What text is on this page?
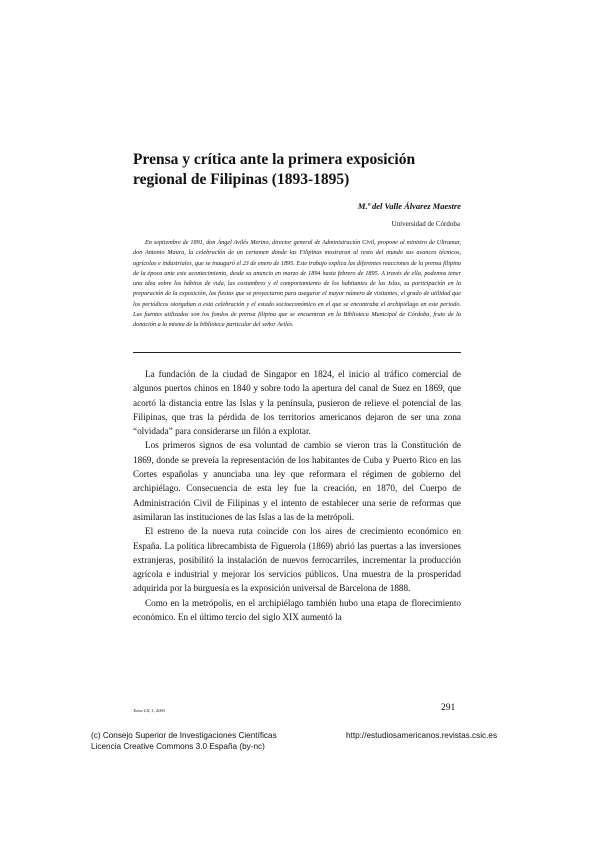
Prensa y crítica ante la primera exposición
regional de Filipinas (1893-1895)
M.ª del Valle Álvarez Maestre
Universidad de Córdoba

En septiembre de 1891, don Ángel Avilés Merino, director general de Administración Civil, propone al ministro de Ultramar, don Antonio Maura, la celebración de un certamen donde las Filipinas mostraran al resto del mundo sus avances técnicos, agrícolas e industriales, que se inauguró el 23 de enero de 1895. Este trabajo explica las diferentes reacciones de la prensa filipina de la época ante este acontecimiento, desde su anuncio en marzo de 1894 hasta febrero de 1895. A través de ella, podemos tener una idea sobre los hábitos de vida, las costumbres y el comportamiento de los habitantes de las Islas, su participación en la preparación de la exposición, las fiestas que se proyectaron para asegurar el mayor número de visitantes, el grado de utilidad que los periódicos otorgaban a esta celebración y el estado socioeconómico en el que se encontraba el archipiélago en este periodo. Las fuentes utilizadas son los fondos de prensa filipina que se encuentran en la Biblioteca Municipal de Córdoba, fruto de la donación a la misma de la biblioteca particular del señor Avilés.

La fundación de la ciudad de Singapor en 1824, el inicio al tráfico comercial de algunos puertos chinos en 1840 y sobre todo la apertura del canal de Suez en 1869, que acortó la distancia entre las Islas y la península, pusieron de relieve el potencial de las Filipinas, que tras la pérdida de los territorios americanos dejaron de ser una zona “olvidada” para considerarse un filón a explotar.

Los primeros signos de esa voluntad de cambio se vieron tras la Constitución de 1869, donde se preveía la representación de los habitantes de Cuba y Puerto Rico en las Cortes españolas y anunciaba una ley que reformara el régimen de gobierno del archipiélago. Consecuencia de esta ley fue la creación, en 1870, del Cuerpo de Administración Civil de Filipinas y el intento de establecer una serie de reformas que asimilaran las instituciones de las Islas a las de la metrópoli.

El estreno de la nueva ruta coincide con los aires de crecimiento económico en España. La política librecambista de Figuerola (1869) abrió las puertas a las inversiones extranjeras, posibilitó la instalación de nuevos ferrocarriles, incrementar la producción agrícola e industrial y mejorar los servicios públicos. Una muestra de la prosperidad adquirida por la burguesía es la exposición universal de Barcelona de 1888.

Como en la metrópolis, en el archipiélago también hubo una etapa de florecimiento económico. En el último tercio del siglo XIX aumentó la

Tomo LX, 1, 2003	291
(c) Consejo Superior de Investigaciones Científicas
Licencia Creative Commons 3.0 España (by-nc)
http://estudiosamericanos.revistas.csic.es
